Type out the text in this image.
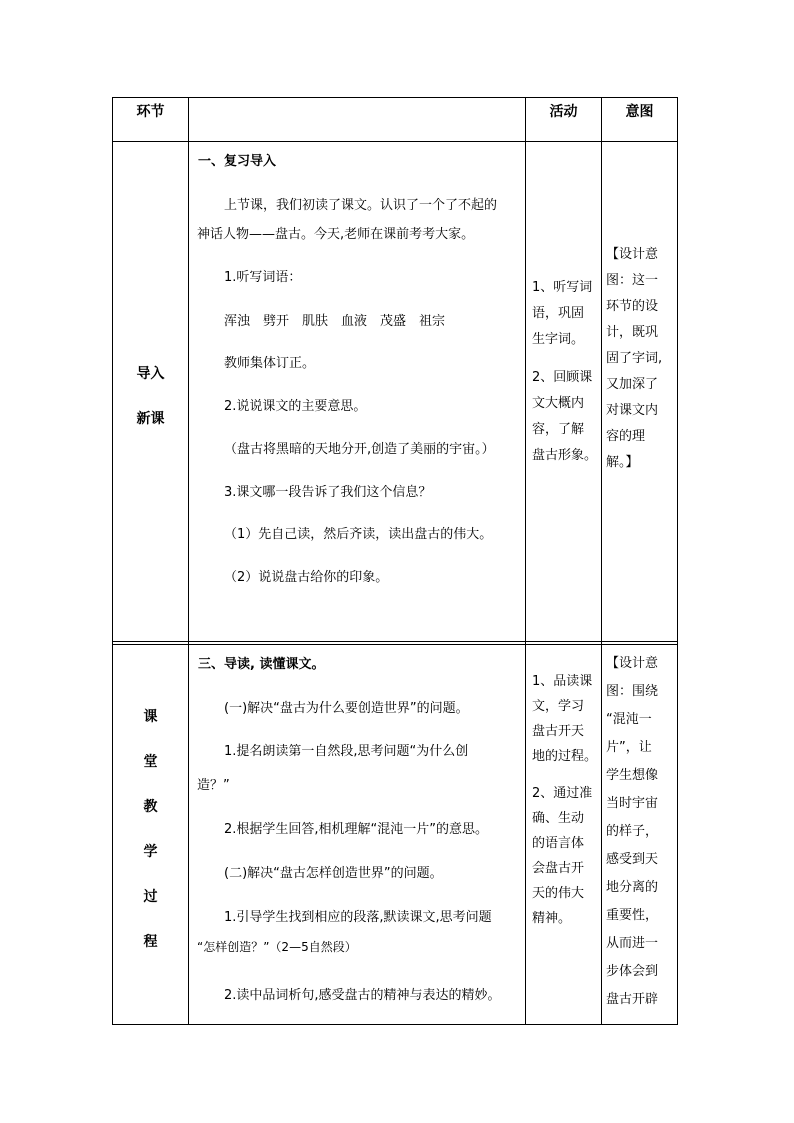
环节	活动	意图
导入
新课
一、复习导入
上节课，我们初读了课文。认识了一个了不起的
神话人物——盘古。今天,老师在课前考考大家。
1.听写词语：
浑浊　劈开　肌肤　血液　茂盛　祖宗
教师集体订正。
2.说说课文的主要意思。
（盘古将黑暗的天地分开,创造了美丽的宇宙。）
3.课文哪一段告诉了我们这个信息？
（1）先自己读，然后齐读，读出盘古的伟大。
（2）说说盘古给你的印象。
1、听写词
语，巩固
生字词。
2、回顾课
文大概内
容，了解
盘古形象。
【设计意
图：这一
环节的设
计，既巩
固了字词,
又加深了
对课文内
容的理
解。】
课
堂
教
学
过
程
三、导读, 读懂课文。
(一)解决“盘古为什么要创造世界”的问题。
1.提名朗读第一自然段,思考问题“为什么创
造？”
2.根据学生回答,相机理解“混沌一片”的意思。
(二)解决“盘古怎样创造世界”的问题。
1.引导学生找到相应的段落,默读课文,思考问题
“怎样创造？”（2—5自然段）
2.读中品词析句,感受盘古的精神与表达的精妙。
1、品读课
文，学习
盘古开天
地的过程。
2、通过准
确、生动
的语言体
会盘古开
天的伟大
精神。
【设计意
图：围绕
“混沌一
片”，让
学生想像
当时宇宙
的样子，
感受到天
地分离的
重要性，
从而进一
步体会到
盘古开辟
